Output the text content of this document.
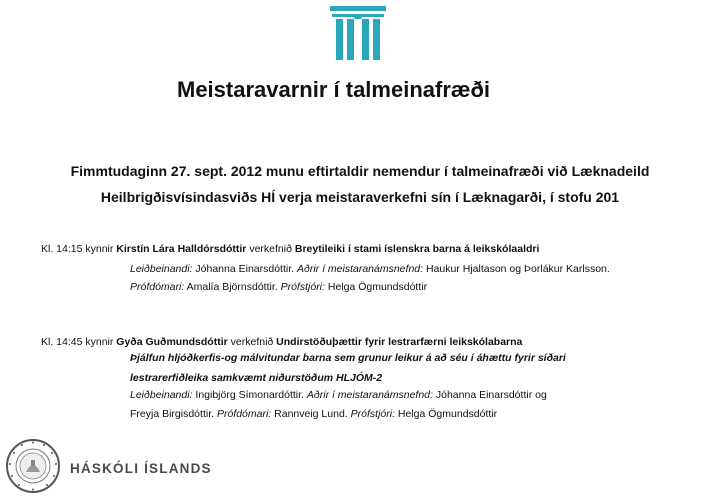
Meistaravarnir í talmeinafræði
Fimmtudaginn 27. sept. 2012 munu eftirtaldir nemendur í talmeinafræði við Læknadeild
Heilbrigðisvísindasviðs HÍ verja meistaraverkefni sín í Læknagarði, í stofu 201
Kl. 14:15 kynnir Kirstín Lára Halldórsdóttir verkefnið Breytileiki í stami íslenskra barna á leikskólaaldri
Leiðbeinandi: Jóhanna Einarsdóttir. Aðrir í meistaranámsnefnd: Haukur Hjaltason og Þorlákur Karlsson.
Prófdómari: Amalía Björnsdóttir. Prófstjóri: Helga Ögmundsdóttir
Kl. 14:45 kynnir Gyða Guðmundsdóttir verkefnið Undirstöðuþættir fyrir lestrarfærni leikskólabarna
Þjálfun hljóðkerfis-og málvitundar barna sem grunur leikur á að séu í áhættu fyrir síðari
lestrarerfiðleika samkvæmt niðurstöðum HLJÓM-2
Leiðbeinandi: Ingibjörg Símonardóttir. Aðrir í meistaranámsnefnd: Jóhanna Einarsdóttir og
Freyja Birgisdóttir. Prófdómari: Rannveig Lund. Prófstjóri: Helga Ögmundsdóttir
HÁSKÓLI ÍSLANDS
